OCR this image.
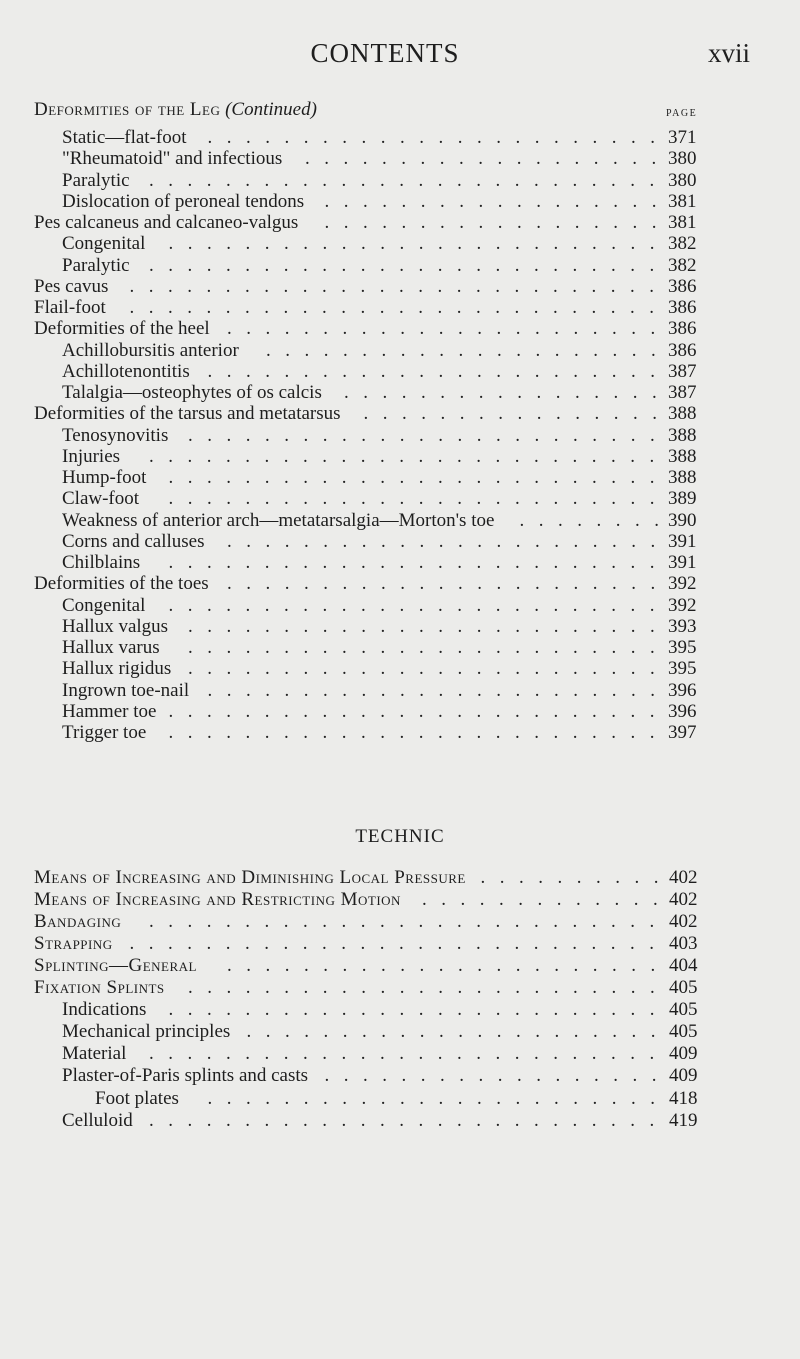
CONTENTS	xvii
Deformities of the Leg (Continued)	PAGE
Static—flat-foot	371
........................
"Rheumatoid" and infectious	380
...................
Paralytic	380
...........................
Dislocation of peroneal tendons	381
..................
Pes calcaneus and calcaneo-valgus	381
..................
Congenital	382
..........................
Paralytic	382
...........................
Pes cavus	386
............................
Flail-foot	386
............................
Deformities of the heel	386
.......................
Achillobursitis anterior	386
.....................
Achillotenontitis	387
........................
Talalgia—osteophytes of os calcis	387
.................
Deformities of the tarsus and metatarsus	388
................
Tenosynovitis	388
.........................
Injuries	388
...........................
Hump-foot	388
..........................
Claw-foot	389
..........................
Weakness of anterior arch—metatarsalgia—Morton's toe	390
........
Corns and calluses	391
.......................
Chilblains	391
..........................
Deformities of the toes	392
.......................
Congenital	392
..........................
Hallux valgus	393
.........................
Hallux varus	395
.........................
Hallux rigidus	395
.........................
Ingrown toe-nail	396
........................
Hammer toe	396
..........................
Trigger toe	397
..........................
TECHNIC
Means of Increasing and Diminishing Local Pressure	402
..........
Means of Increasing and Restricting Motion	402
.............
Bandaging	402
...........................
Strapping	403
............................
Splinting—General	404
.......................
Fixation Splints	405
.........................
Indications	405
..........................
Mechanical principles	405
......................
Material	409
...........................
Plaster-of-Paris splints and casts	409
..................
Foot plates	418
........................
Celluloid	419
...........................
